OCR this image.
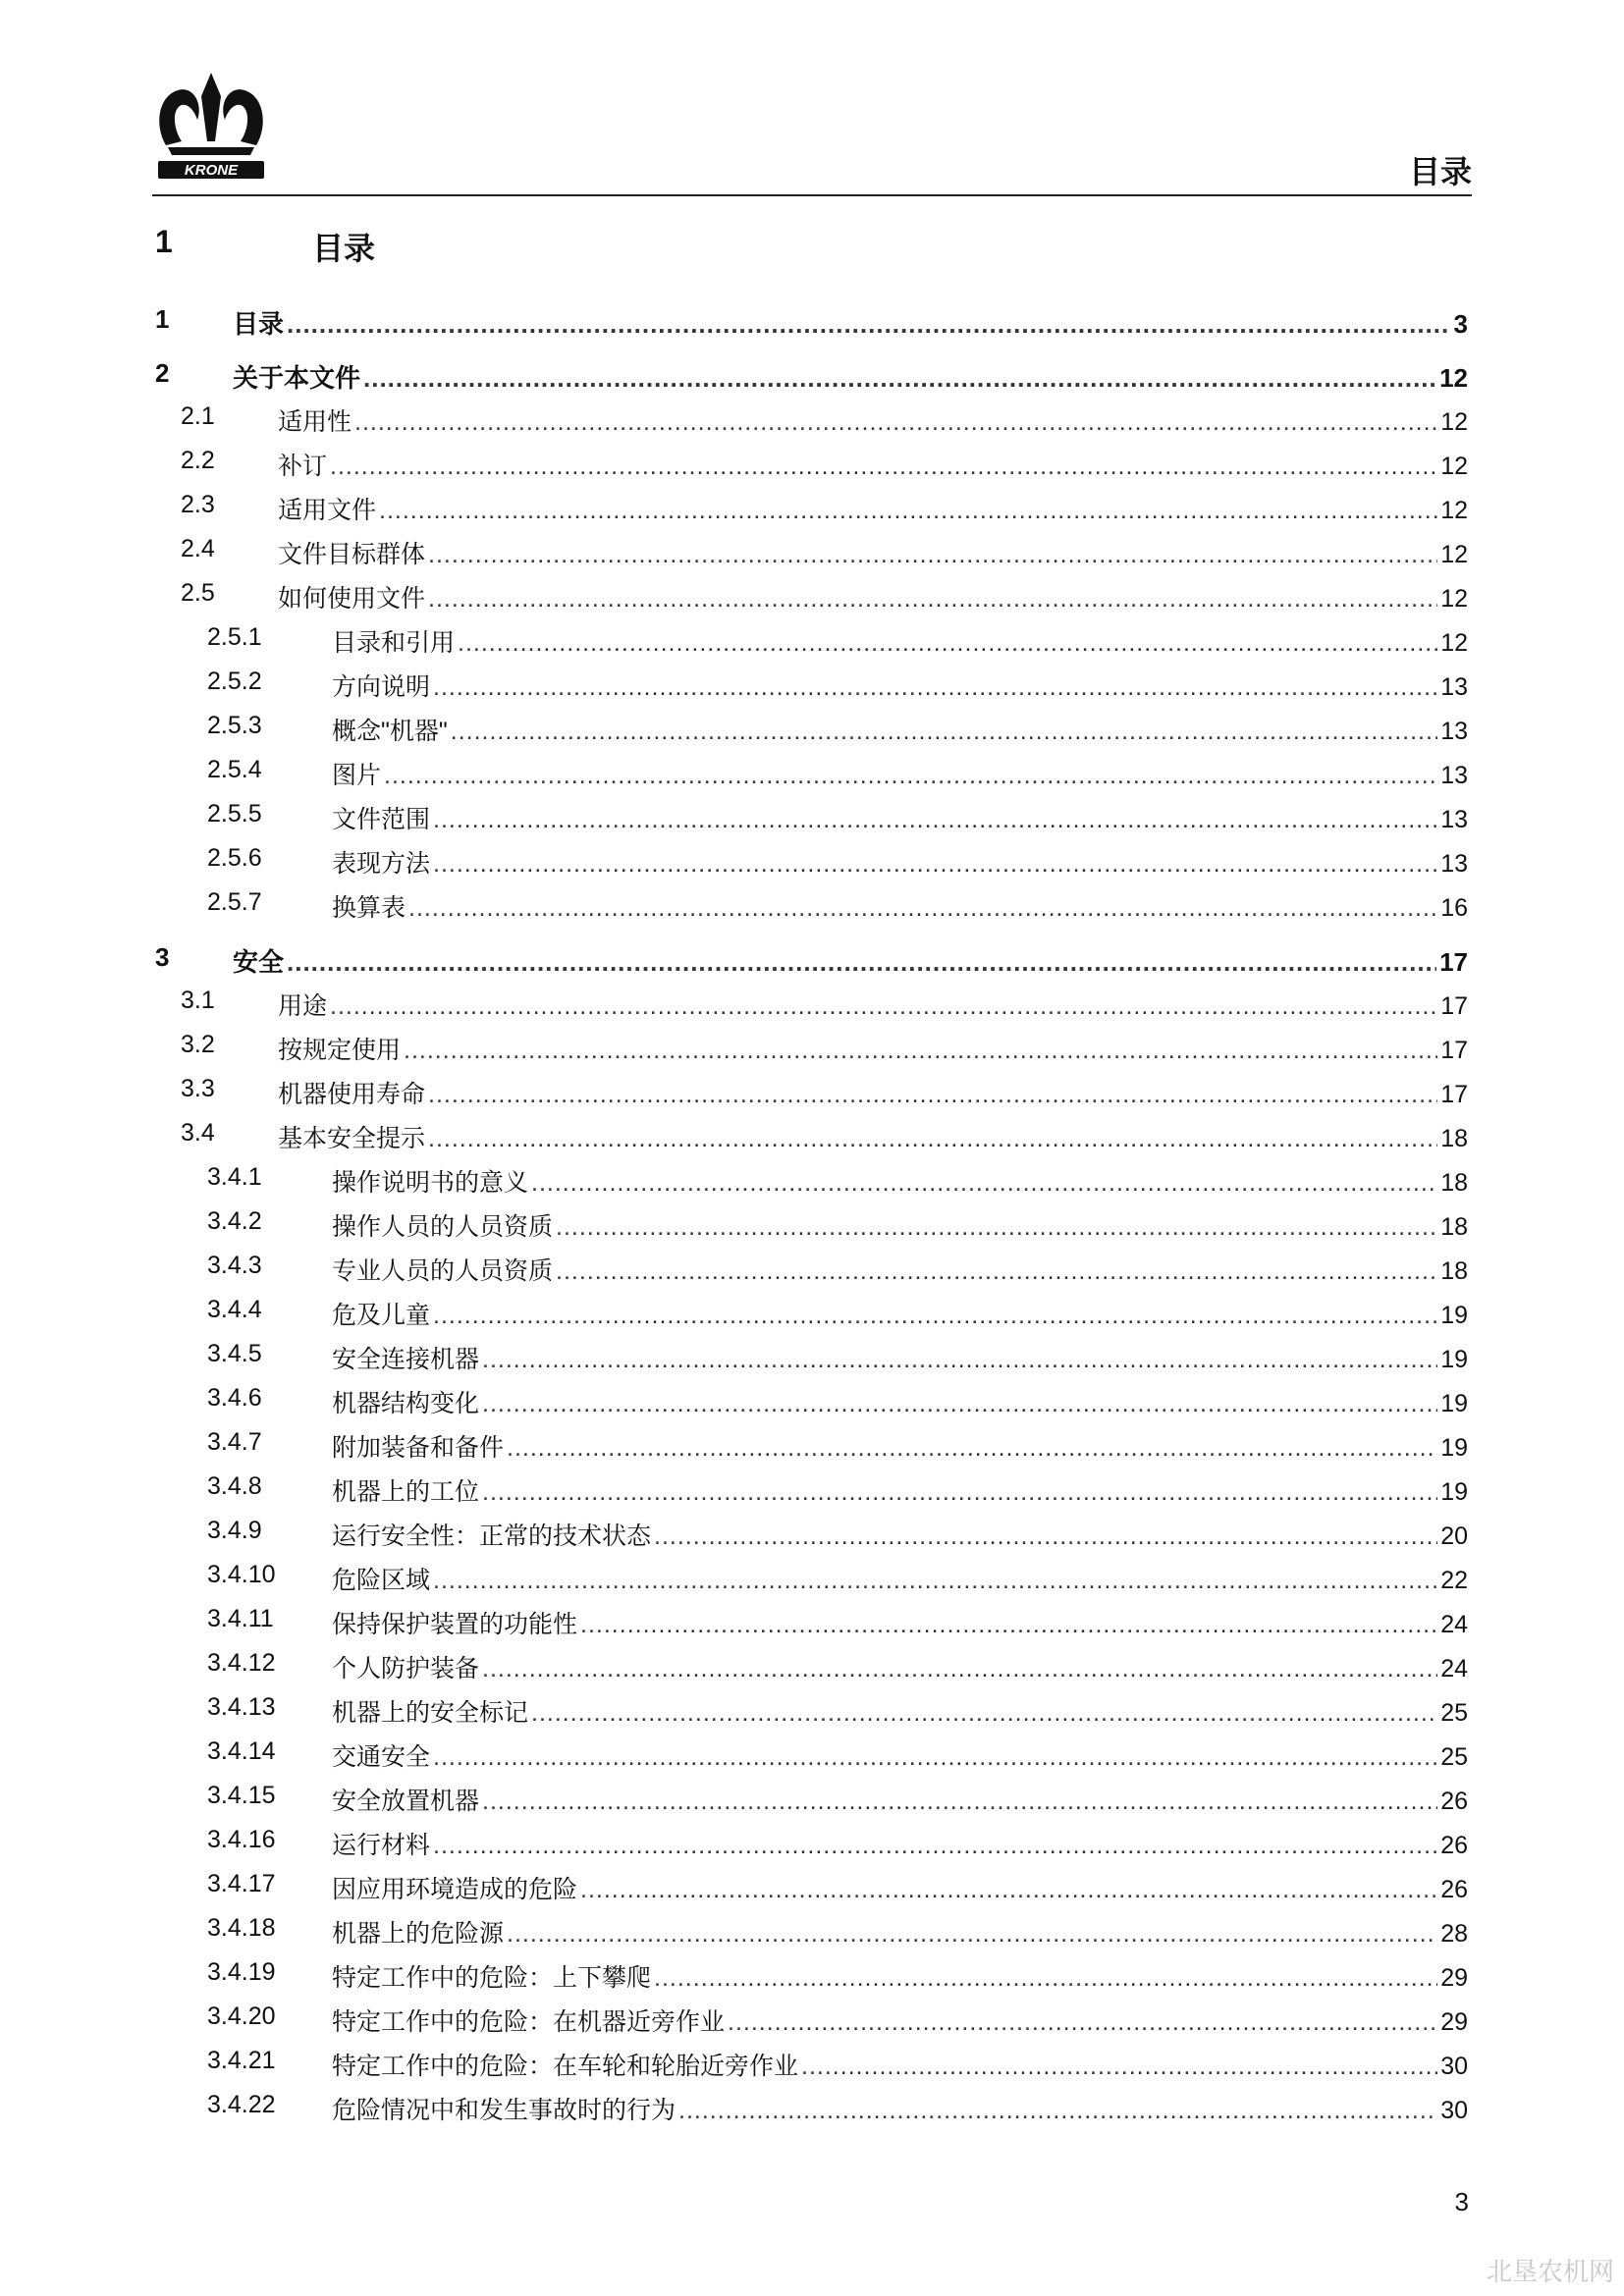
KRONE	目录
1	目录
1 目录 .....	3
2 关于本文件 .....	12
2.1	适用性 .....	12
2.2	补订 .....	12
2.3	适用文件 .....	12
2.4	文件目标群体 .....	12
2.5	如何使用文件 .....	12
2.5.1	目录和引用 .....	12
2.5.2	方向说明 .....	13
2.5.3	概念"机器" .....	13
2.5.4	图片 .....	13
2.5.5	文件范围 .....	13
2.5.6	表现方法 .....	13
2.5.7	换算表 .....	16
3 安全 .....	17
3.1	用途 .....	17
3.2	按规定使用 .....	17
3.3	机器使用寿命 .....	17
3.4	基本安全提示 .....	18
3.4.1	操作说明书的意义 .....	18
3.4.2	操作人员的人员资质 .....	18
3.4.3	专业人员的人员资质 .....	18
3.4.4	危及儿童 .....	19
3.4.5	安全连接机器 .....	19
3.4.6	机器结构变化 .....	19
3.4.7	附加装备和备件 .....	19
3.4.8	机器上的工位 .....	19
3.4.9	运行安全性：正常的技术状态 .....	20
3.4.10 危险区域 .....	22
3.4.11 保持保护装置的功能性 .....	24
3.4.12 个人防护装备 .....	24
3.4.13 机器上的安全标记 .....	25
3.4.14 交通安全 .....	25
3.4.15 安全放置机器 .....	26
3.4.16 运行材料 .....	26
3.4.17 因应用环境造成的危险 .....	26
3.4.18 机器上的危险源 .....	28
3.4.19 特定工作中的危险：上下攀爬 .....	29
3.4.20 特定工作中的危险：在机器近旁作业 .....	29
3.4.21 特定工作中的危险：在车轮和轮胎近旁作业 .....	30
3.4.22 危险情况中和发生事故时的行为 .....	30
3
北垦农机网
